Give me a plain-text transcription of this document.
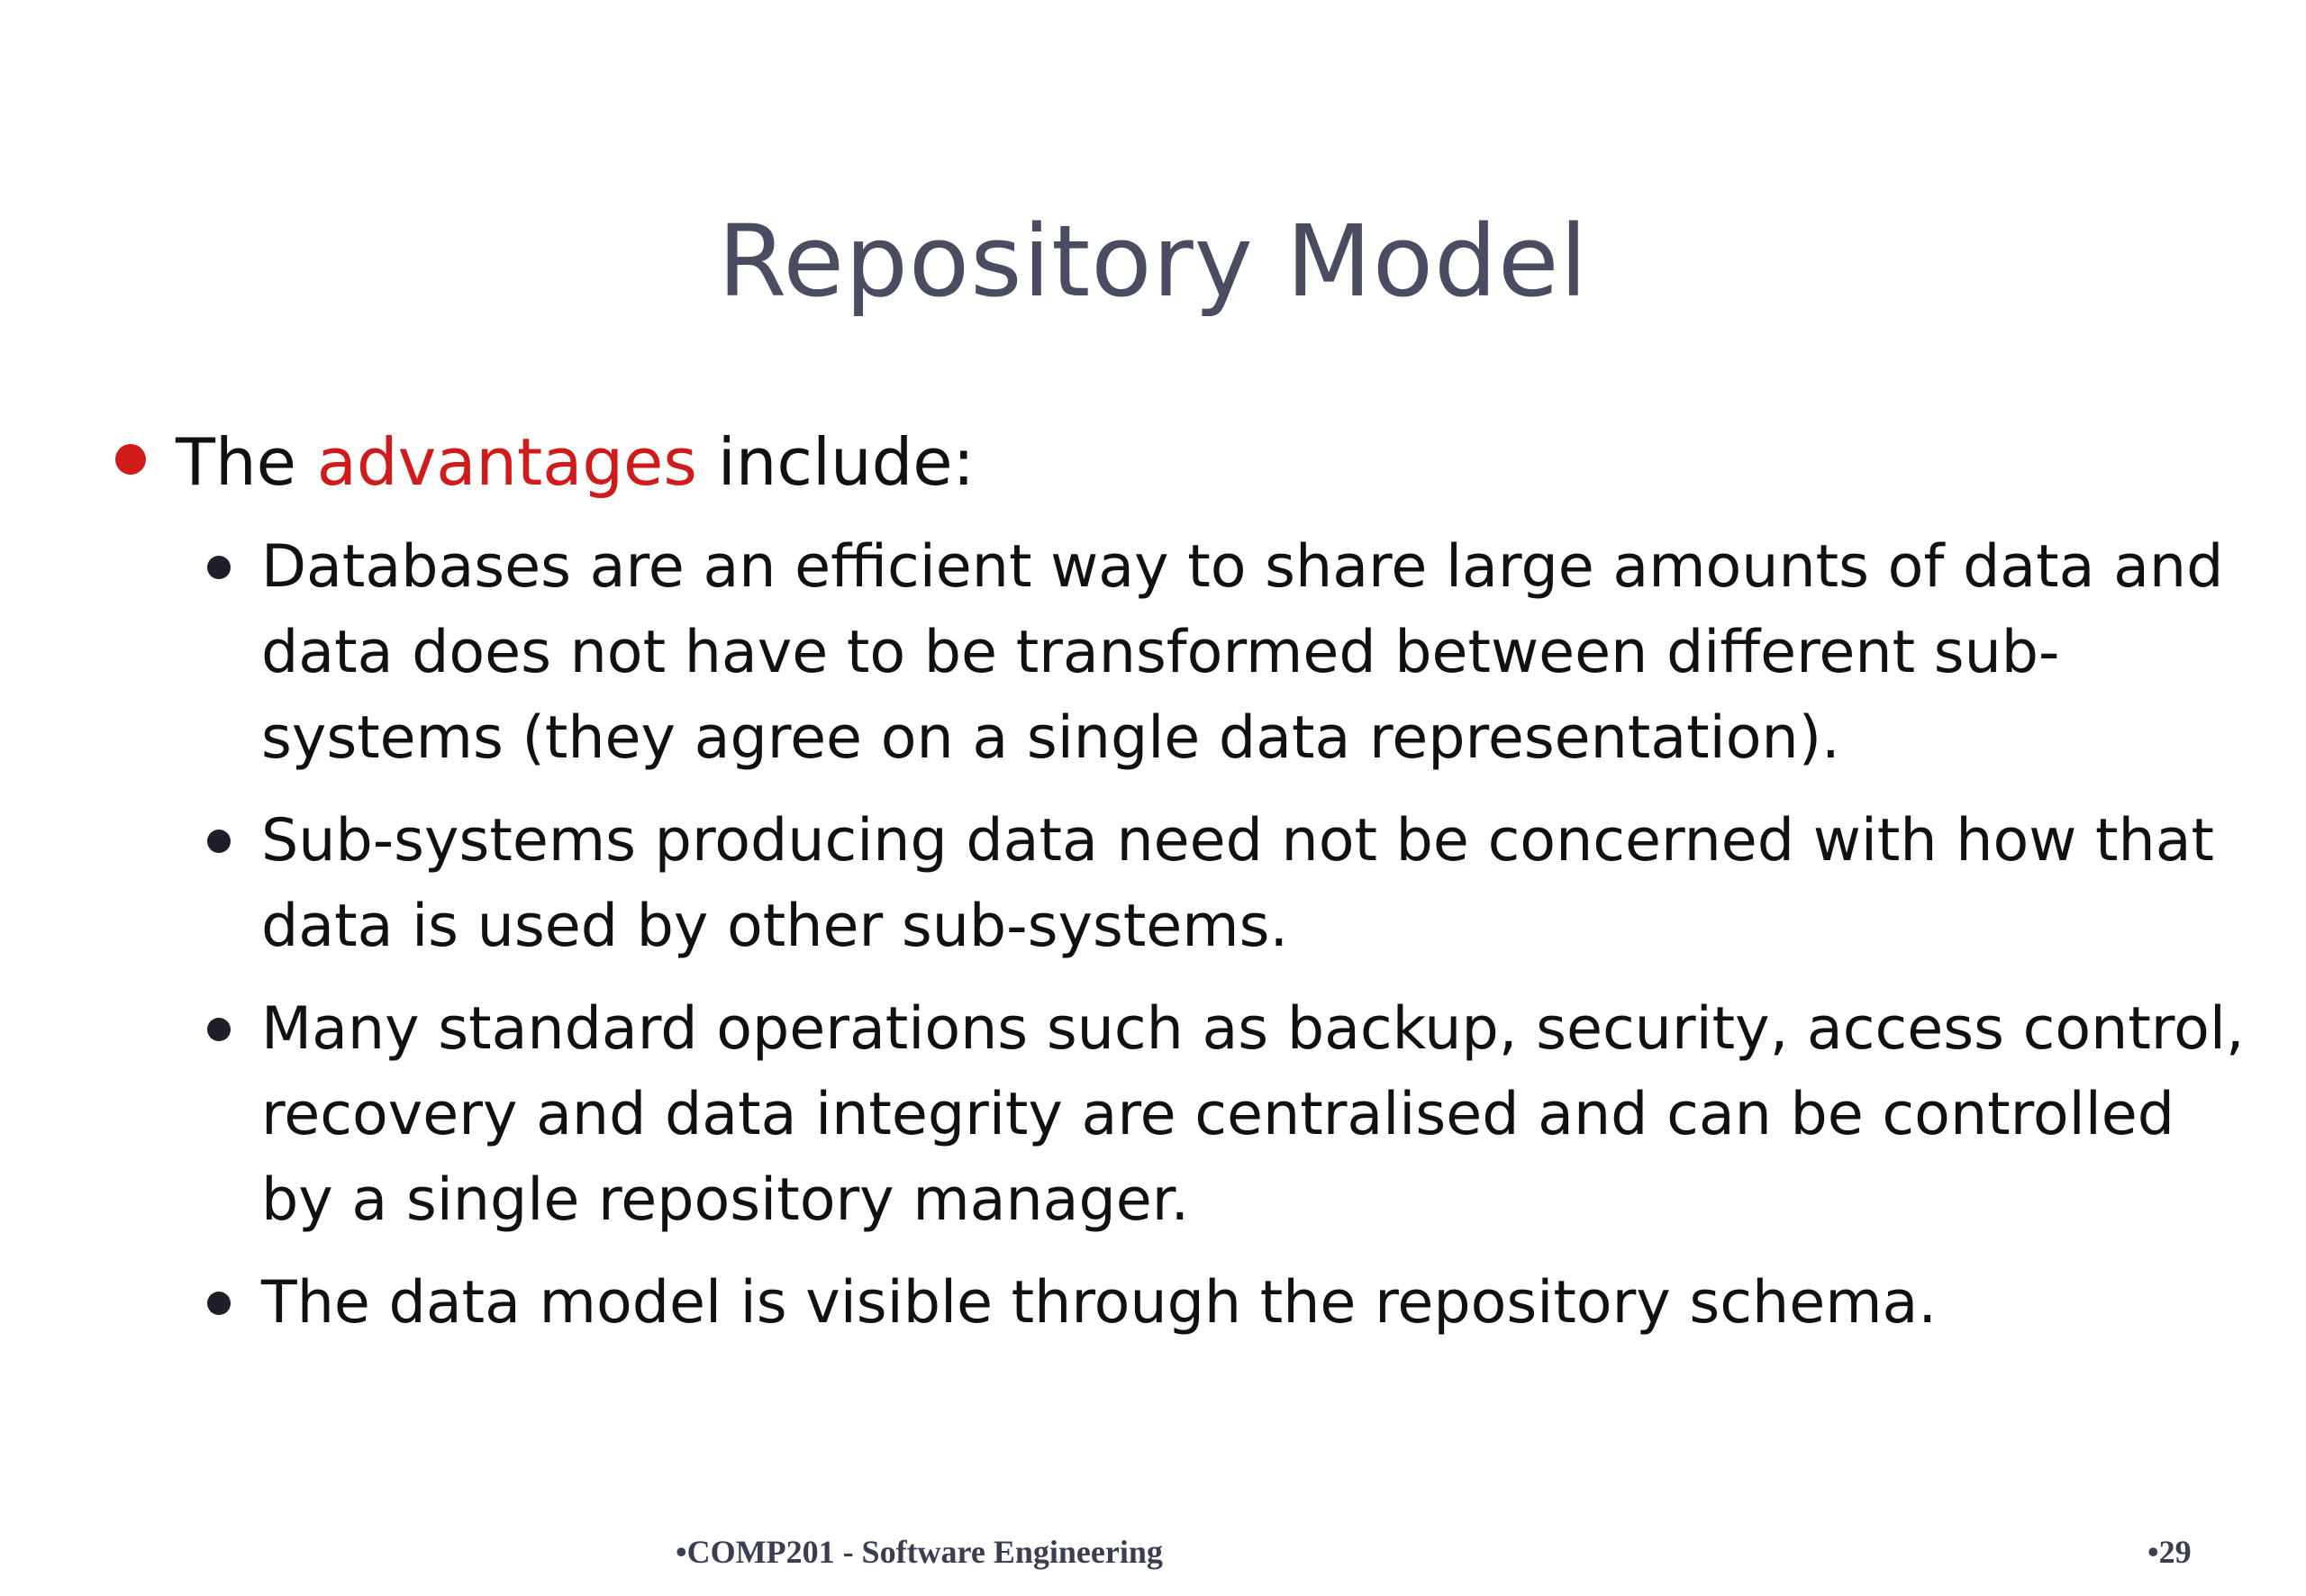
Repository Model
The advantages include:
Databases are an efficient way to share large amounts of data and
data does not have to be transformed between different sub-
systems (they agree on a single data representation).
Sub-systems producing data need not be concerned with how that
data is used by other sub-systems.
Many standard operations such as backup, security, access control,
recovery and data integrity are centralised and can be controlled
by a single repository manager.
The data model is visible through the repository schema.
•COMP201 - Software Engineering	•29
